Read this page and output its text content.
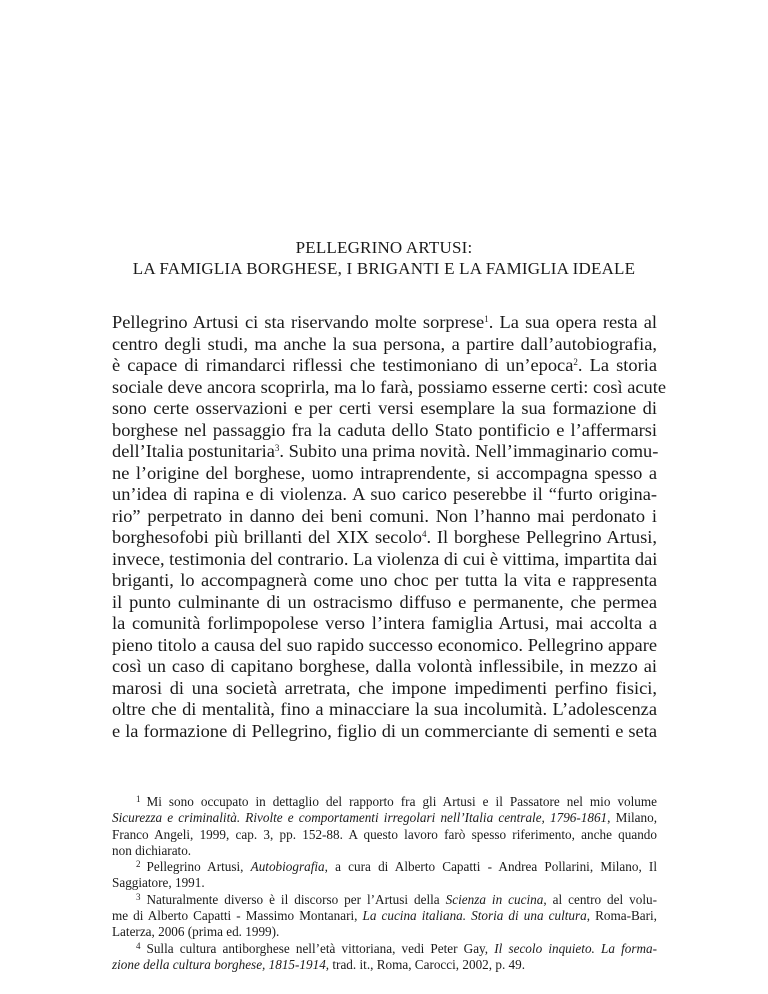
PELLEGRINO ARTUSI:
LA FAMIGLIA BORGHESE, I BRIGANTI E LA FAMIGLIA IDEALE
Pellegrino Artusi ci sta riservando molte sorprese$^1$. La sua opera resta al
centro degli studi, ma anche la sua persona, a partire dall’autobiografia,
è capace di rimandarci riflessi che testimoniano di un’epoca$^2$. La storia
sociale deve ancora scoprirla, ma lo farà, possiamo esserne certi: così acute
sono certe osservazioni e per certi versi esemplare la sua formazione di
borghese nel passaggio fra la caduta dello Stato pontificio e l’affermarsi
dell’Italia postunitaria$^3$. Subito una prima novità. Nell’immaginario comu-
ne l’origine del borghese, uomo intraprendente, si accompagna spesso a
un’idea di rapina e di violenza. A suo carico peserebbe il “furto origina-
rio” perpetrato in danno dei beni comuni. Non l’hanno mai perdonato i
borghesofobi più brillanti del XIX secolo$^4$. Il borghese Pellegrino Artusi,
invece, testimonia del contrario. La violenza di cui è vittima, impartita dai
briganti, lo accompagnerà come uno choc per tutta la vita e rappresenta
il punto culminante di un ostracismo diffuso e permanente, che permea
la comunità forlimpopolese verso l’intera famiglia Artusi, mai accolta a
pieno titolo a causa del suo rapido successo economico. Pellegrino appare
così un caso di capitano borghese, dalla volontà inflessibile, in mezzo ai
marosi di una società arretrata, che impone impedimenti perfino fisici,
oltre che di mentalità, fino a minacciare la sua incolumità. L’adolescenza
e la formazione di Pellegrino, figlio di un commerciante di sementi e seta
$^1$ Mi sono occupato in dettaglio del rapporto fra gli Artusi e il Passatore nel mio volume
Sicurezza e criminalità. Rivolte e comportamenti irregolari nell’Italia centrale, 1796-1861, Milano,
Franco Angeli, 1999, cap. 3, pp. 152-88. A questo lavoro farò spesso riferimento, anche quando
non dichiarato.
$^2$ Pellegrino Artusi, Autobiografia, a cura di Alberto Capatti - Andrea Pollarini, Milano, Il
Saggiatore, 1991.
$^3$ Naturalmente diverso è il discorso per l’Artusi della Scienza in cucina, al centro del volu-
me di Alberto Capatti - Massimo Montanari, La cucina italiana. Storia di una cultura, Roma-Bari,
Laterza, 2006 (prima ed. 1999).
$^4$ Sulla cultura antiborghese nell’età vittoriana, vedi Peter Gay, Il secolo inquieto. La forma-
zione della cultura borghese, 1815-1914, trad. it., Roma, Carocci, 2002, p. 49.
